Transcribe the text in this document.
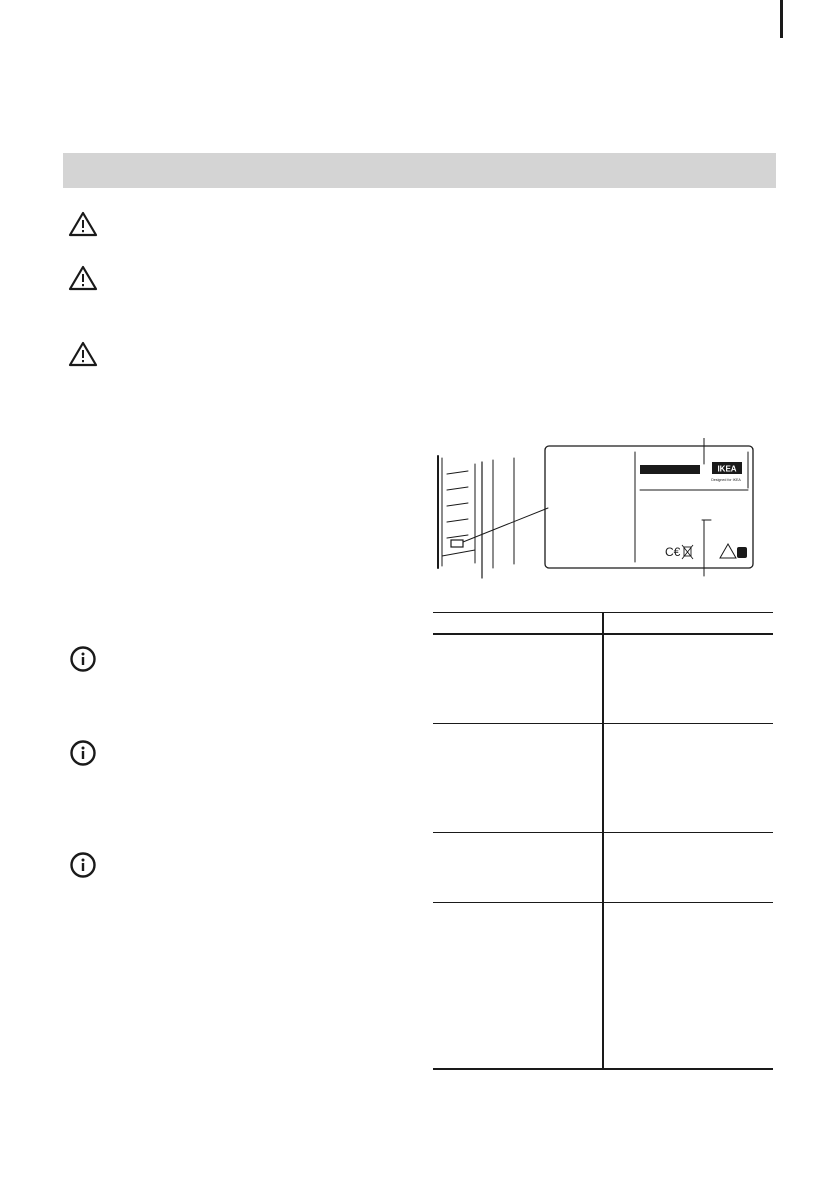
IKEA
Designed for IKEA
C€
